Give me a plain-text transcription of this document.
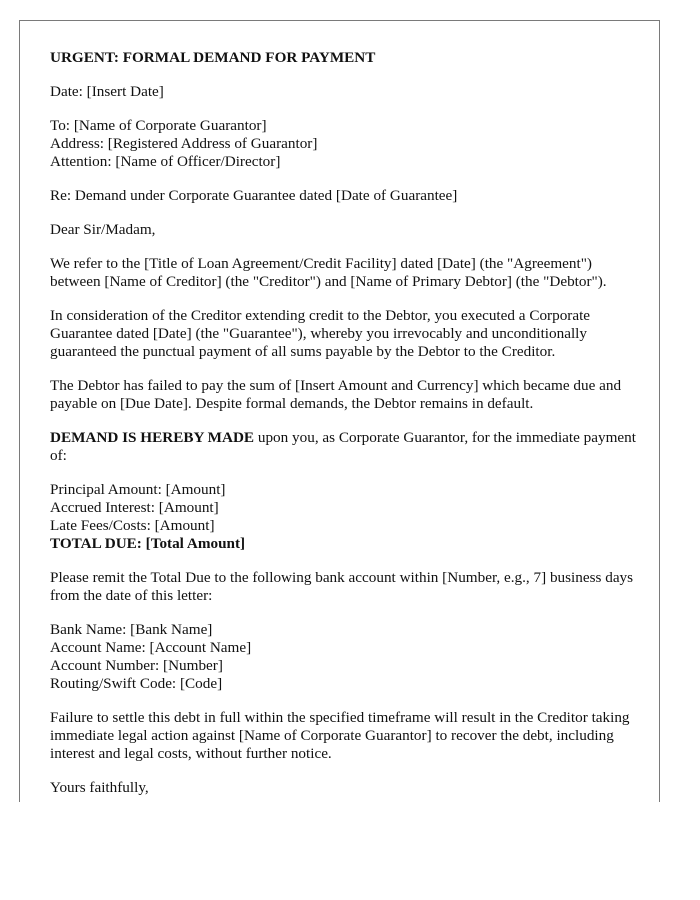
URGENT: FORMAL DEMAND FOR PAYMENT

Date: [Insert Date]

To: [Name of Corporate Guarantor]
Address: [Registered Address of Guarantor]
Attention: [Name of Officer/Director]

Re: Demand under Corporate Guarantee dated [Date of Guarantee]

Dear Sir/Madam,

We refer to the [Title of Loan Agreement/Credit Facility] dated [Date] (the "Agreement") between [Name of Creditor] (the "Creditor") and [Name of Primary Debtor] (the "Debtor").

In consideration of the Creditor extending credit to the Debtor, you executed a Corporate Guarantee dated [Date] (the "Guarantee"), whereby you irrevocably and unconditionally guaranteed the punctual payment of all sums payable by the Debtor to the Creditor.

The Debtor has failed to pay the sum of [Insert Amount and Currency] which became due and payable on [Due Date]. Despite formal demands, the Debtor remains in default.

DEMAND IS HEREBY MADE upon you, as Corporate Guarantor, for the immediate payment of:

Principal Amount: [Amount]
Accrued Interest: [Amount]
Late Fees/Costs: [Amount]
TOTAL DUE: [Total Amount]

Please remit the Total Due to the following bank account within [Number, e.g., 7] business days from the date of this letter:

Bank Name: [Bank Name]
Account Name: [Account Name]
Account Number: [Number]
Routing/Swift Code: [Code]

Failure to settle this debt in full within the specified timeframe will result in the Creditor taking immediate legal action against [Name of Corporate Guarantor] to recover the debt, including interest and legal costs, without further notice.

Yours faithfully,
